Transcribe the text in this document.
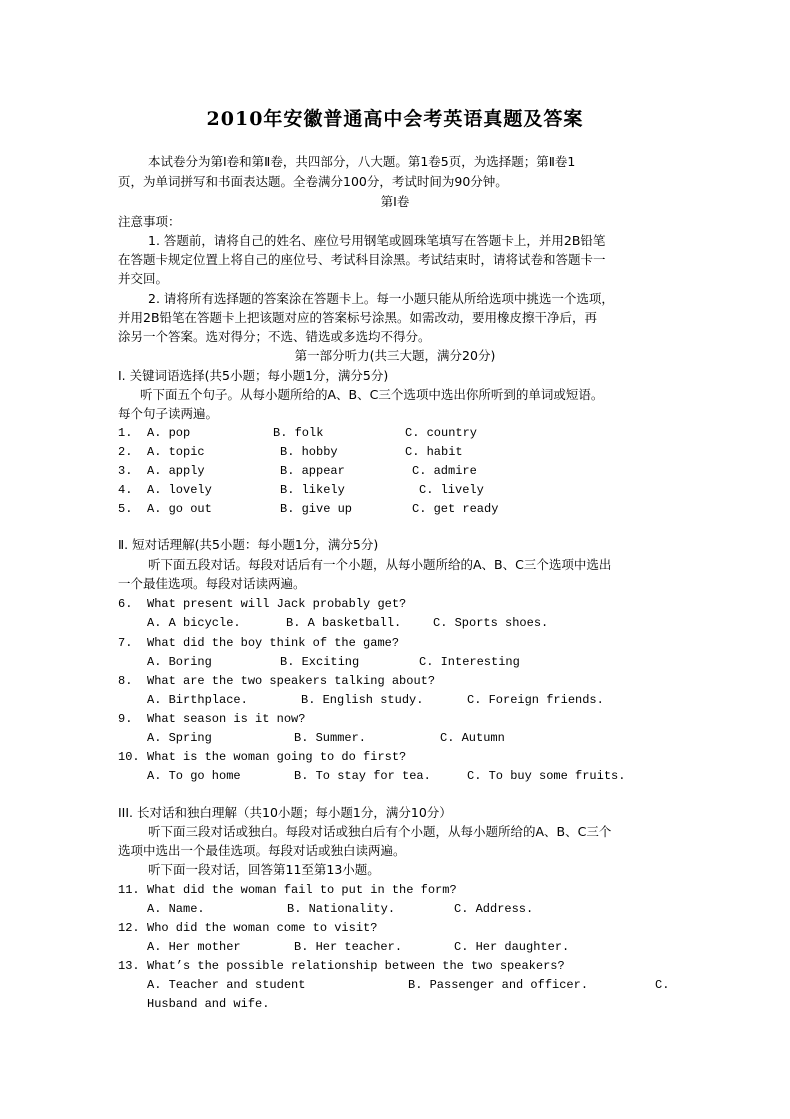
2010年安徽普通高中会考英语真题及答案
本试卷分为第Ⅰ卷和第Ⅱ卷，共四部分，八大题。第1卷5页，为选择题；第Ⅱ卷1
页，为单词拼写和书面表达题。全卷满分100分，考试时间为90分钟。
第Ⅰ卷
注意事项：
1. 答题前，请将自己的姓名、座位号用钢笔或圆珠笔填写在答题卡上，并用2B铅笔
在答题卡规定位置上将自己的座位号、考试科目涂黑。考试结束时，请将试卷和答题卡一
并交回。
2. 请将所有选择题的答案涂在答题卡上。每一小题只能从所给选项中挑选一个选项，
并用2B铅笔在答题卡上把该题对应的答案标号涂黑。如需改动，要用橡皮擦干净后，再
涂另一个答案。选对得分；不选、错选或多选均不得分。
第一部分听力(共三大题，满分20分)
I. 关键词语选择(共5小题；每小题1分，满分5分)
听下面五个句子。从每小题所给的A、B、C三个选项中选出你所听到的单词或短语。
每个句子读两遍。
1. A. pop	B. folk	C. country
2. A. topic	B. hobby	C. habit
3. A. apply	B. appear	C. admire
4. A. lovely	B. likely	C. lively
5. A. go out	B. give up	C. get ready
Ⅱ. 短对话理解(共5小题：每小题1分，满分5分)
听下面五段对话。每段对话后有一个小题，从每小题所给的A、B、C三个选项中选出
一个最佳选项。每段对话读两遍。
6. What present will Jack probably get?
A. A bicycle.	B. A basketball.	C. Sports shoes.
7. What did the boy think of the game?
A. Boring	B. Exciting	C. Interesting
8. What are the two speakers talking about?
A. Birthplace.	B. English study.	C. Foreign friends.
9. What season is it now?
A. Spring	B. Summer.	C. Autumn
10. What is the woman going to do first?
A. To go home	B. To stay for tea.	C. To buy some fruits.
III. 长对话和独白理解（共10小题；每小题1分，满分10分）
听下面三段对话或独白。每段对话或独白后有个小题，从每小题所给的A、B、C三个
选项中选出一个最佳选项。每段对话或独白读两遍。
听下面一段对话，回答第11至第13小题。
11. What did the woman fail to put in the form?
A. Name.	B. Nationality.	C. Address.
12. Who did the woman come to visit?
A. Her mother	B. Her teacher.	C. Her daughter.
13. What’s the possible relationship between the two speakers?
A. Teacher and student	B. Passenger and officer.	C.
Husband and wife.
